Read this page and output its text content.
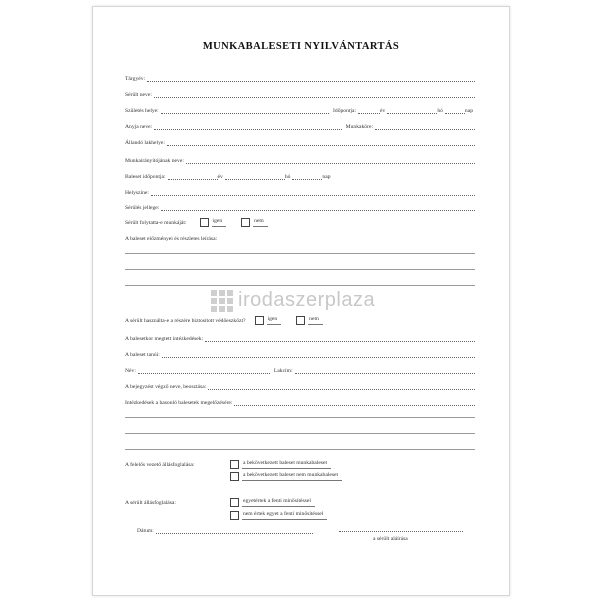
MUNKABALESETI NYILVÁNTARTÁS
Tárgyév:
Sérült neve:
Születés helye:	Időpontja:	év	hó	nap
Anyja neve:	Munkaköre:
Állandó lakhelye:
Munkairányítójának neve:
Baleset időpontja:	év	hó	nap
Helyszíne:
Sérülés jellege:
Sérült folytatta-e munkáját:	igen	nem
A baleset előzményei és részletes leírása:
A sérült használta-e a részére biztosított védőeszközt?	igen	nem
A balesetkor megtett intézkedések:
A baleset tanúi:
Név:	Lakcím:
A bejegyzést végző neve, beosztása:
Intézkedések a hasonló balesetek megelőzésére:
A felelős vezető állásfoglalása:	a bekövetkezett baleset munkabaleset
a bekövetkezett baleset nem munkabaleset
A sérült állásfoglalása:	egyetértek a fenti minősítéssel
nem értek egyet a fenti minősítéssel
Dátum:
a sérült aláírása
irodaszerplaza
